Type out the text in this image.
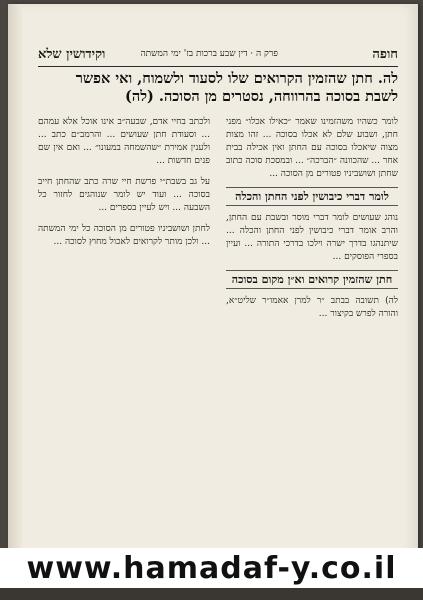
חופה
פרק ה · דין שבע ברכות בז' ימי המשתה
וקידושין שלא
לה. חתן שהזמין הקרואים שלו לסעוד ולשמוח, ואי אפשר לשבת בסוכה בהרווחה, נסטרים מן הסוכה. (לה)
לומר כשהיו משהזמינו שאמר ״כאילו אכלו״ מפני חתן, ושבוע שלם לא אכלו בסוכה ... זהו מצות מצוה שיאכלו בסוכה עם החתן ואין אכילה בבית אחר ... שהכוונה ״הברכה״ ... ובמסכת סוכה כתוב שחתן ושושביניו פטורים מן הסוכה ...
לומר דברי כיבושין לפני החתן והכלה
נוהג שעושים לומר דברי מוסר ובשבת עם החתן, והרב אומר דברי כיבושין לפני החתן והכלה ... שיתנהגו בדרך ישרה וילכו בדרכי התורה ... ועיין בספרי הפוסקים ...
חתן שהזמין קרואים וא״ן מקום בסוכה
לה) תשובה בבתב ״ר למרן אאמו״ר שליט״א, והורה לפרש בקיצור ...
ולכתב בחיי אדם, שבעה״ב אינו אוכל אלא עמהם ... וסעודת חתן שעושים ... והרמב״ם כתב ... ולענין אמירת ״שהשמחה במעונו״ ... ואם אין שם פנים חדשות ...
על גב בשבת״י פרשת חיי שרה כתב שהחתן חייב בסוכה ... ועוד יש לומר שנוהגים לחזור כל השבעה ... ויש לעיין בספרים ...
לחתן ושושביניו פטורים מן הסוכה כל ימי המשתה ... ולכן מותר לקרואים לאכול מחוץ לסוכה ...
www.hamadaf-y.co.il
